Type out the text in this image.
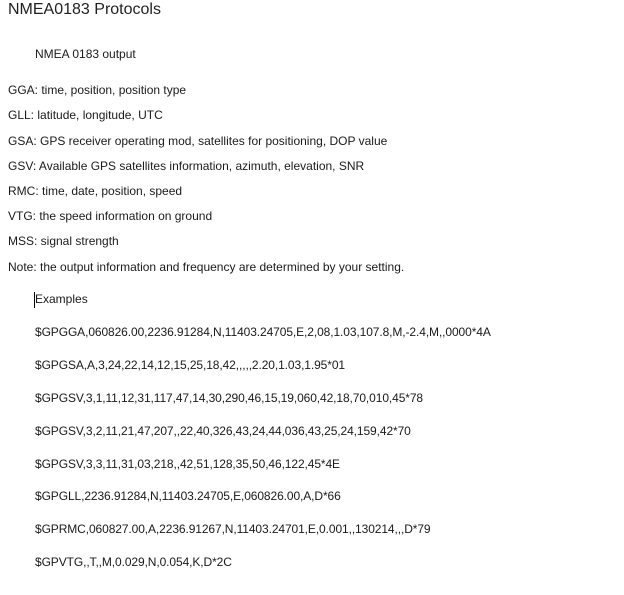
NMEA0183 Protocols
NMEA 0183 output
GGA: time, position, position type
GLL: latitude, longitude, UTC
GSA: GPS receiver operating mod, satellites for positioning, DOP value
GSV: Available GPS satellites information, azimuth, elevation, SNR
RMC: time, date, position, speed
VTG: the speed information on ground
MSS: signal strength
Note: the output information and frequency are determined by your setting.
Examples
$GPGGA,060826.00,2236.91284,N,11403.24705,E,2,08,1.03,107.8,M,-2.4,M,,0000*4A
$GPGSA,A,3,24,22,14,12,15,25,18,42,,,,,2.20,1.03,1.95*01
$GPGSV,3,1,11,12,31,117,47,14,30,290,46,15,19,060,42,18,70,010,45*78
$GPGSV,3,2,11,21,47,207,,22,40,326,43,24,44,036,43,25,24,159,42*70
$GPGSV,3,3,11,31,03,218,,42,51,128,35,50,46,122,45*4E
$GPGLL,2236.91284,N,11403.24705,E,060826.00,A,D*66
$GPRMC,060827.00,A,2236.91267,N,11403.24701,E,0.001,,130214,,,D*79
$GPVTG,,T,,M,0.029,N,0.054,K,D*2C
